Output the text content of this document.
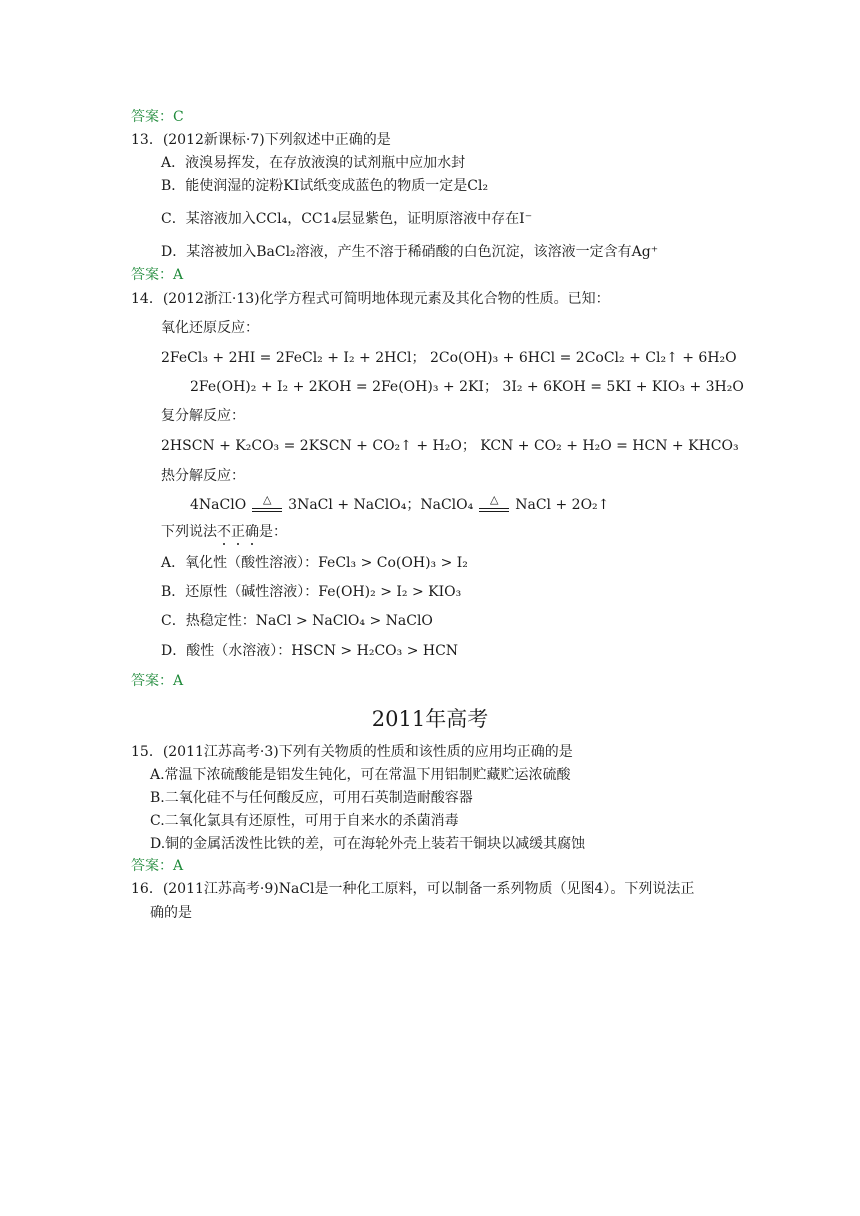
答案：C
13．(2012新课标·7)下列叙述中正确的是
A．液溴易挥发，在存放液溴的试剂瓶中应加水封
B．能使润湿的淀粉KI试纸变成蓝色的物质一定是Cl₂
C．某溶液加入CCl₄，CC1₄层显紫色，证明原溶液中存在I⁻
D．某溶被加入BaCl₂溶液，产生不溶于稀硝酸的白色沉淀，该溶液一定含有Ag⁺
答案：A
14．(2012浙江·13)化学方程式可简明地体现元素及其化合物的性质。已知：
氧化还原反应：
2FeCl₃ + 2HI = 2FeCl₂ + I₂ + 2HCl； 2Co(OH)₃ + 6HCl = 2CoCl₂ + Cl₂↑ + 6H₂O
2Fe(OH)₂ + I₂ + 2KOH = 2Fe(OH)₃ + 2KI； 3I₂ + 6KOH = 5KI + KIO₃ + 3H₂O
复分解反应：
2HSCN + K₂CO₃ = 2KSCN + CO₂↑ + H₂O； KCN + CO₂ + H₂O = HCN + KHCO₃
热分解反应：
4NaClO	△	3NaCl + NaClO₄；NaClO₄	△	NaCl + 2O₂↑
下列说法不正确是：
A．氧化性（酸性溶液）：FeCl₃ > Co(OH)₃ > I₂
B．还原性（碱性溶液）：Fe(OH)₂ > I₂ > KIO₃
C．热稳定性：NaCl > NaClO₄ > NaClO
D．酸性（水溶液）：HSCN > H₂CO₃ > HCN
答案：A
2011年高考
15．(2011江苏高考·3)下列有关物质的性质和该性质的应用均正确的是
A.常温下浓硫酸能是铝发生钝化，可在常温下用铝制贮藏贮运浓硫酸
B.二氧化硅不与任何酸反应，可用石英制造耐酸容器
C.二氧化氯具有还原性，可用于自来水的杀菌消毒
D.铜的金属活泼性比铁的差，可在海轮外壳上装若干铜块以减缓其腐蚀
答案：A
16．(2011江苏高考·9)NaCl是一种化工原料，可以制备一系列物质（见图4）。下列说法正
确的是
